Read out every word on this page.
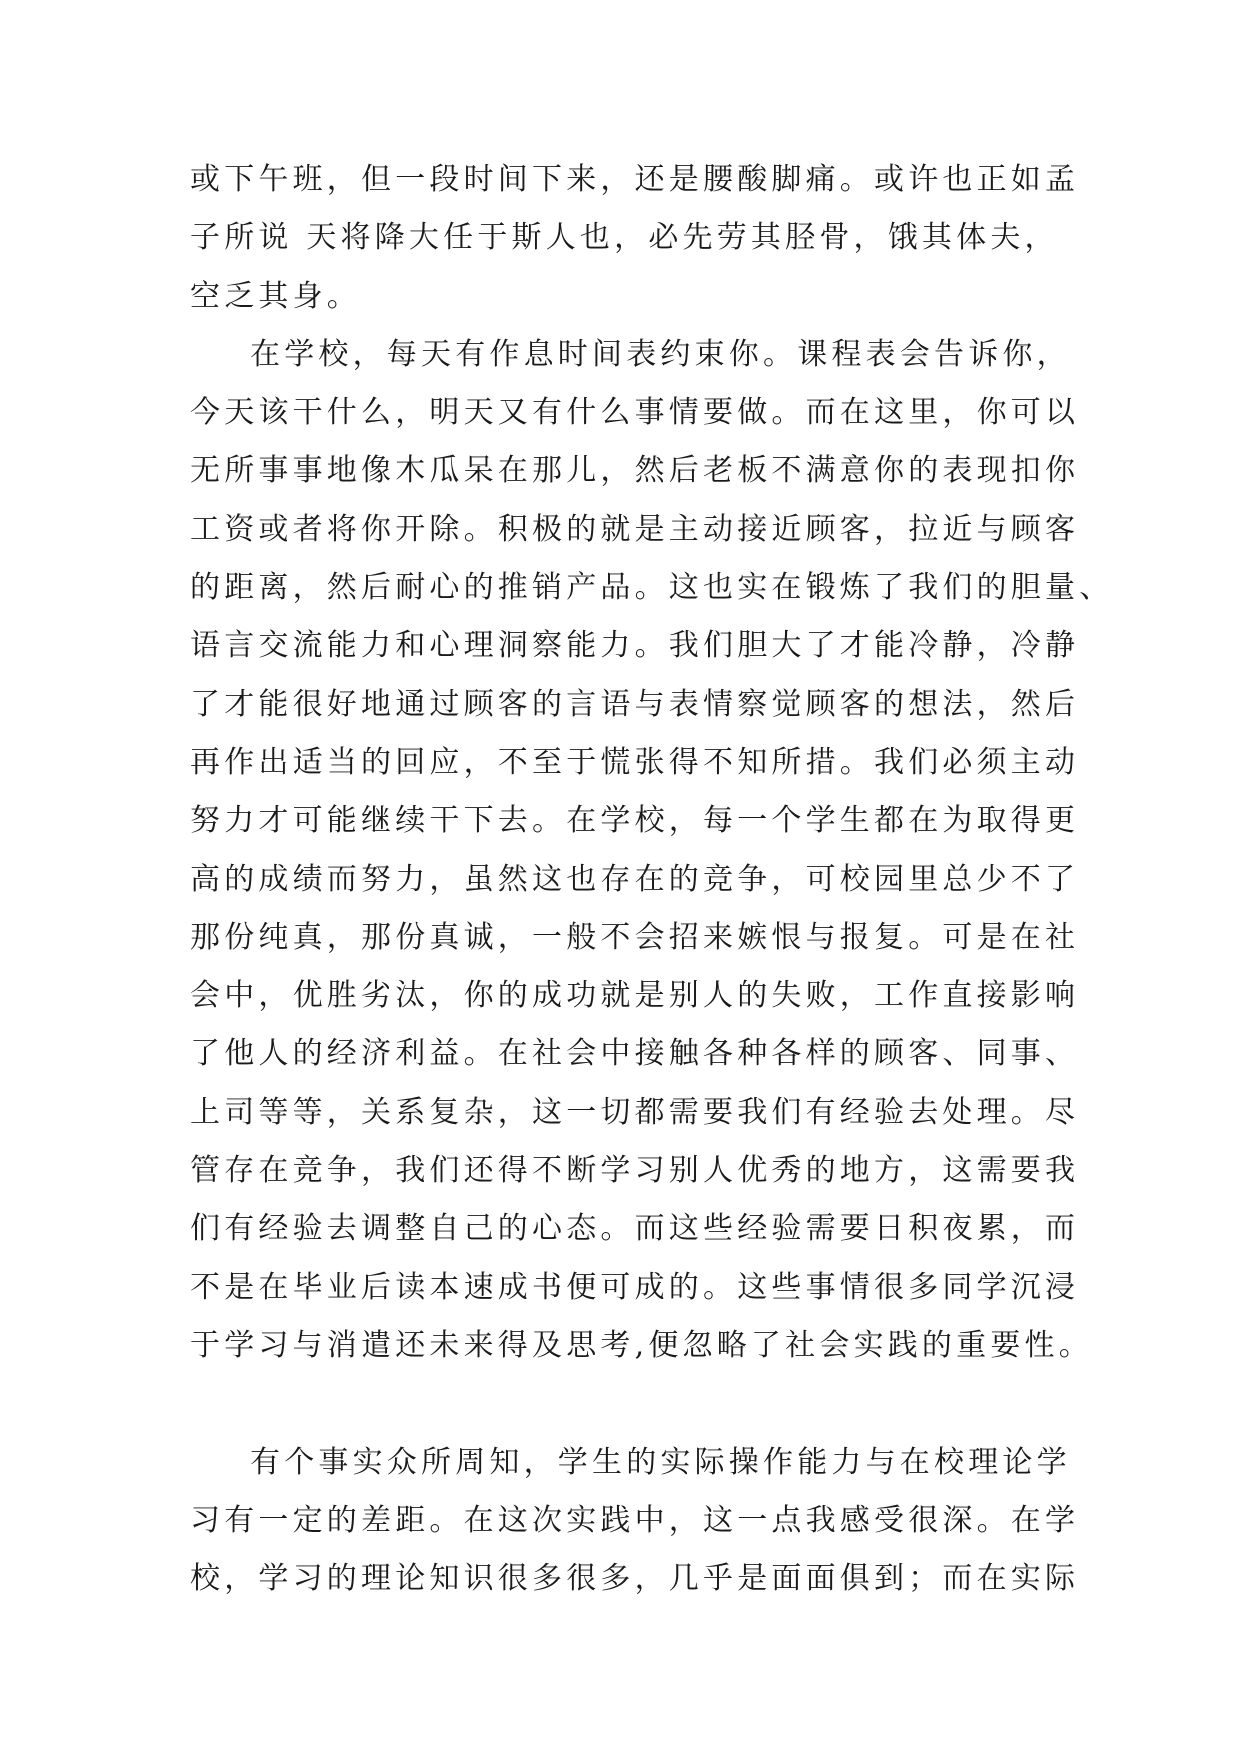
或下午班，但一段时间下来，还是腰酸脚痛。或许也正如孟
子所说 天将降大任于斯人也，必先劳其胫骨，饿其体夫，
空乏其身。
在学校，每天有作息时间表约束你。课程表会告诉你，
今天该干什么，明天又有什么事情要做。而在这里，你可以
无所事事地像木瓜呆在那儿，然后老板不满意你的表现扣你
工资或者将你开除。积极的就是主动接近顾客，拉近与顾客
的距离，然后耐心的推销产品。这也实在锻炼了我们的胆量、
语言交流能力和心理洞察能力。我们胆大了才能冷静，冷静
了才能很好地通过顾客的言语与表情察觉顾客的想法，然后
再作出适当的回应，不至于慌张得不知所措。我们必须主动
努力才可能继续干下去。在学校，每一个学生都在为取得更
高的成绩而努力，虽然这也存在的竞争，可校园里总少不了
那份纯真，那份真诚，一般不会招来嫉恨与报复。可是在社
会中，优胜劣汰，你的成功就是别人的失败，工作直接影响
了他人的经济利益。在社会中接触各种各样的顾客、同事、
上司等等，关系复杂，这一切都需要我们有经验去处理。尽
管存在竞争，我们还得不断学习别人优秀的地方，这需要我
们有经验去调整自己的心态。而这些经验需要日积夜累，而
不是在毕业后读本速成书便可成的。这些事情很多同学沉浸
于学习与消遣还未来得及思考,便忽略了社会实践的重要性。
有个事实众所周知，学生的实际操作能力与在校理论学
习有一定的差距。在这次实践中，这一点我感受很深。在学
校，学习的理论知识很多很多，几乎是面面俱到；而在实际
